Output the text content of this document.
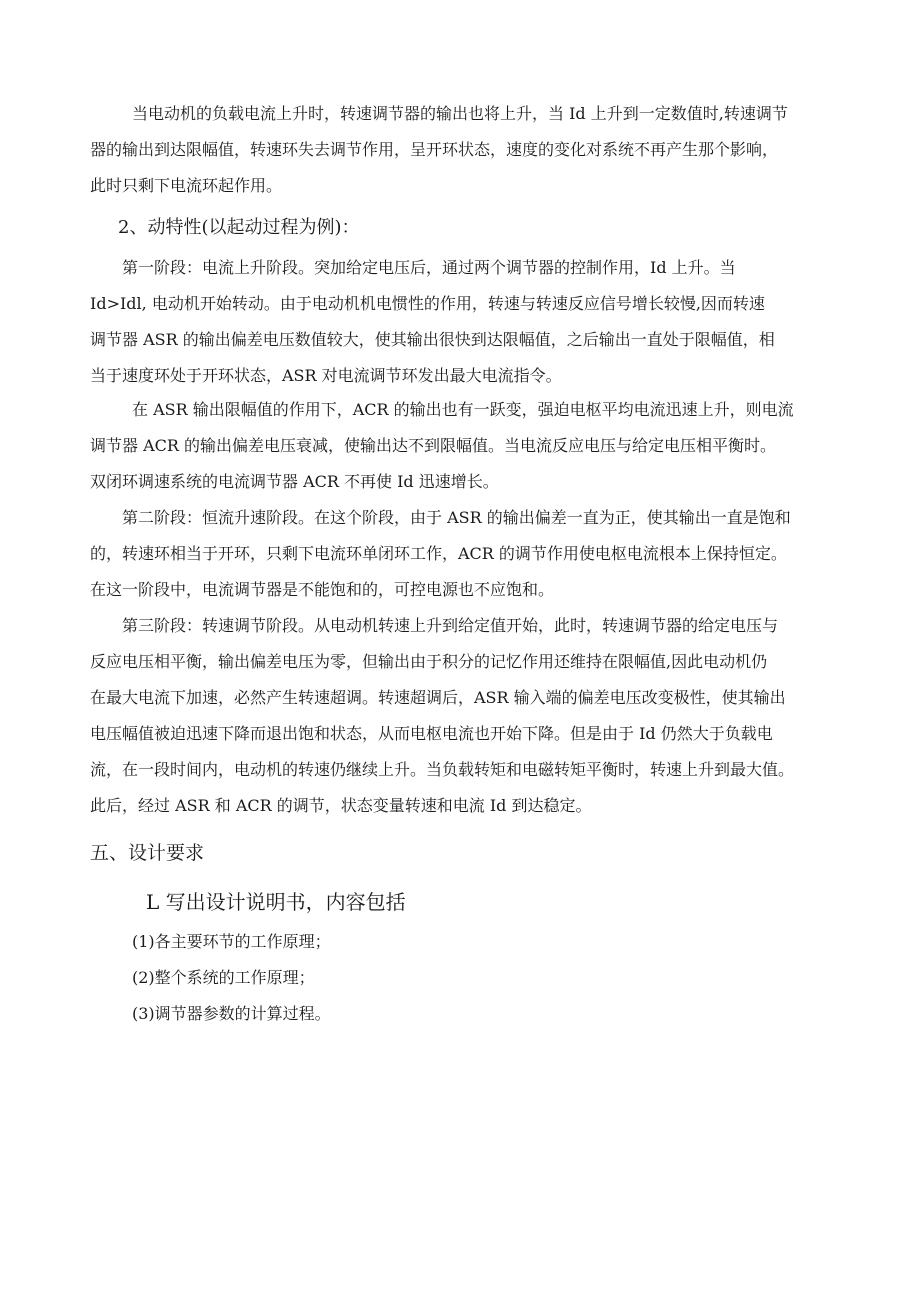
当电动机的负载电流上升时，转速调节器的输出也将上升，当 Id 上升到一定数值时,转速调节
器的输出到达限幅值，转速环失去调节作用，呈开环状态，速度的变化对系统不再产生那个影响，
此时只剩下电流环起作用。
2、动特性(以起动过程为例)：
第一阶段：电流上升阶段。突加给定电压后，通过两个调节器的控制作用，Id 上升。当
Id>Idl, 电动机开始转动。由于电动机机电惯性的作用，转速与转速反应信号增长较慢,因而转速
调节器 ASR 的输出偏差电压数值较大，使其输出很快到达限幅值，之后输出一直处于限幅值，相
当于速度环处于开环状态，ASR 对电流调节环发出最大电流指令。
在 ASR 输出限幅值的作用下，ACR 的输出也有一跃变，强迫电枢平均电流迅速上升，则电流
调节器 ACR 的输出偏差电压衰减，使输出达不到限幅值。当电流反应电压与给定电压相平衡时。
双闭环调速系统的电流调节器 ACR 不再使 Id 迅速增长。
第二阶段：恒流升速阶段。在这个阶段，由于 ASR 的输出偏差一直为正，使其输出一直是饱和
的，转速环相当于开环，只剩下电流环单闭环工作，ACR 的调节作用使电枢电流根本上保持恒定。
在这一阶段中，电流调节器是不能饱和的，可控电源也不应饱和。
第三阶段：转速调节阶段。从电动机转速上升到给定值开始，此时，转速调节器的给定电压与
反应电压相平衡，输出偏差电压为零，但输出由于积分的记忆作用还维持在限幅值,因此电动机仍
在最大电流下加速，必然产生转速超调。转速超调后，ASR 输入端的偏差电压改变极性，使其输出
电压幅值被迫迅速下降而退出饱和状态，从而电枢电流也开始下降。但是由于 Id 仍然大于负载电
流，在一段时间内，电动机的转速仍继续上升。当负载转矩和电磁转矩平衡时，转速上升到最大值。
此后，经过 ASR 和 ACR 的调节，状态变量转速和电流 Id 到达稳定。
五、设计要求
L 写出设计说明书，内容包括
(1)各主要环节的工作原理；
(2)整个系统的工作原理；
(3)调节器参数的计算过程。
